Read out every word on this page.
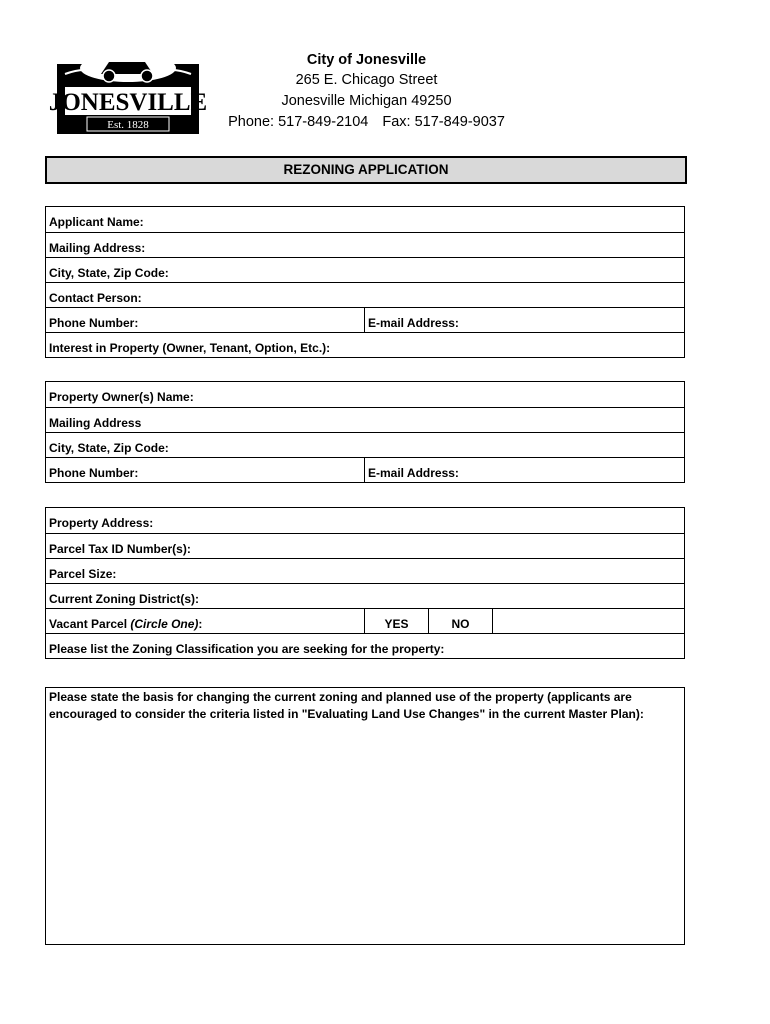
JONESVILLE
Est. 1828
City of Jonesville
265 E. Chicago Street
Jonesville Michigan 49250
Phone: 517-849-2104 Fax: 517-849-9037
REZONING APPLICATION
Applicant Name:
Mailing Address:
City, State, Zip Code:
Contact Person:
Phone Number:	E-mail Address:
Interest in Property (Owner, Tenant, Option, Etc.):
Property Owner(s) Name:
Mailing Address
City, State, Zip Code:
Phone Number:	E-mail Address:
Property Address:
Parcel Tax ID Number(s):
Parcel Size:
Current Zoning District(s):
Vacant Parcel (Circle One):	YES	NO
Please list the Zoning Classification you are seeking for the property:
Please state the basis for changing the current zoning and planned use of the property (applicants are encouraged to consider the criteria listed in "Evaluating Land Use Changes" in the current Master Plan):
